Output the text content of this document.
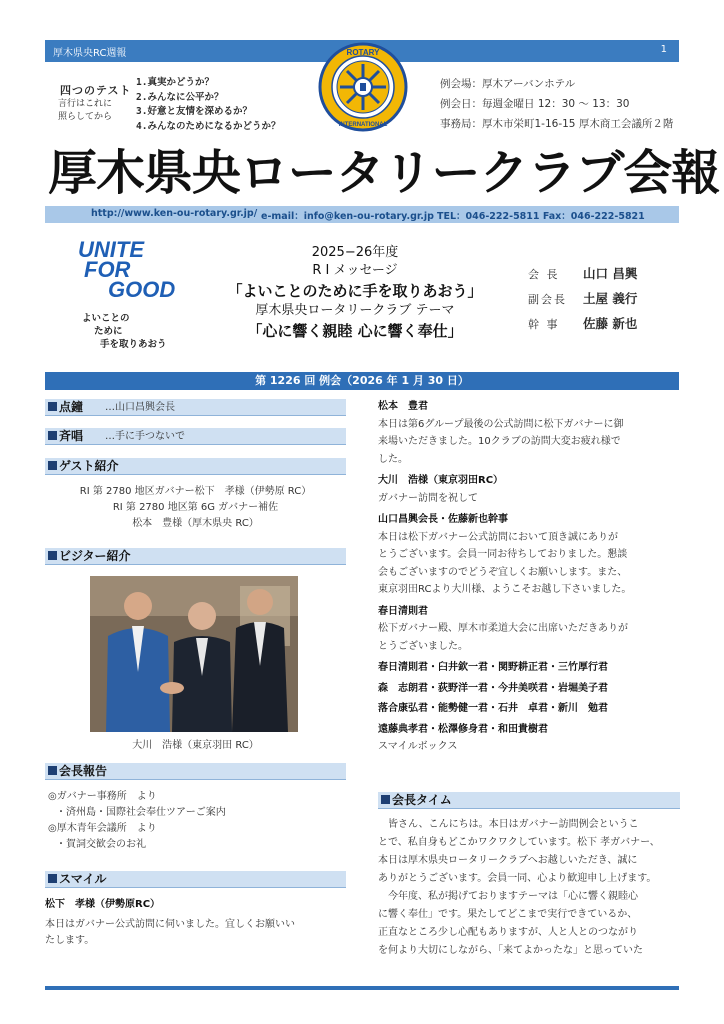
厚木県央RC週報	1
四つのテスト
言行はこれに
照らしてから
1.真実かどうか？
2.みんなに公平か？
3.好意と友情を深めるか？
4.みんなのためになるかどうか？
ROTARY
INTERNATIONAL
例会場：厚木アーバンホテル
例会日：毎週金曜日 12：30 〜 13：30
事務局：厚木市栄町1-16-15 厚木商工会議所２階
厚木県央ロータリークラブ会報
http://www.ken-ou-rotary.gr.jp/ e-mail：info@ken-ou-rotary.gr.jp TEL：046-222-5811 Fax：046-222-5821
UNITE
FOR
GOOD
よいことの
ために
手を取りあおう
2025−26年度
R I メッセージ
「よいことのために手を取りあおう」
厚木県央ロータリークラブ テーマ
「心に響く親睦 心に響く奉仕」
会 長 山口 昌興
副会長 土屋 義行
幹 事 佐藤 新也
第 1226 回 例会（2026 年 1 月 30 日）
点鐘 …山口昌興会長
斉唱 …手に手つないで
ゲスト紹介
RI 第 2780 地区ガバナー松下　孝様（伊勢原 RC）
RI 第 2780 地区第 6G ガバナー補佐
松本　豊様（厚木県央 RC）
ビジター紹介
大川　浩様（東京羽田 RC）
会長報告
◎ガバナー事務所　より
・済州島・国際社会奉仕ツアーご案内
◎厚木青年会議所　より
・賀詞交歓会のお礼
スマイル
松下　孝様（伊勢原RC）
本日はガバナー公式訪問に伺いました。宜しくお願いい
たします。
松本　豊君
本日は第6グループ最後の公式訪問に松下ガバナーに御
来場いただきました。10クラブの訪問大変お疲れ様で
した。
大川　浩様（東京羽田RC）
ガバナー訪問を祝して
山口昌興会長・佐藤新也幹事
本日は松下ガバナー公式訪問において頂き誠にありが
とうございます。会員一同お待ちしておりました。懇談
会もございますのでどうぞ宜しくお願いします。また、
東京羽田RCより大川様、ようこそお越し下さいました。
春日清則君
松下ガバナー殿、厚木市柔道大会に出席いただきありが
とうございました。
春日清則君・臼井欽一君・関野耕正君・三竹厚行君
森　志朗君・荻野洋一君・今井美咲君・岩堀美子君
落合康弘君・能勢健一君・石井　卓君・新川　勉君
遠藤典孝君・松澤修身君・和田貴樹君
スマイルボックス
会長タイム
　皆さん、こんにちは。本日はガバナー訪問例会というこ
とで、私自身もどこかワクワクしています。松下 孝ガバナー、
本日は厚木県央ロータリークラブへお越しいただき、誠に
ありがとうございます。会員一同、心より歓迎申し上げます。
　今年度、私が掲げておりますテーマは「心に響く親睦心
に響く奉仕」です。果たしてどこまで実行できているか、
正直なところ少し心配もありますが、人と人とのつながり
を何より大切にしながら、「来てよかったな」と思っていた
